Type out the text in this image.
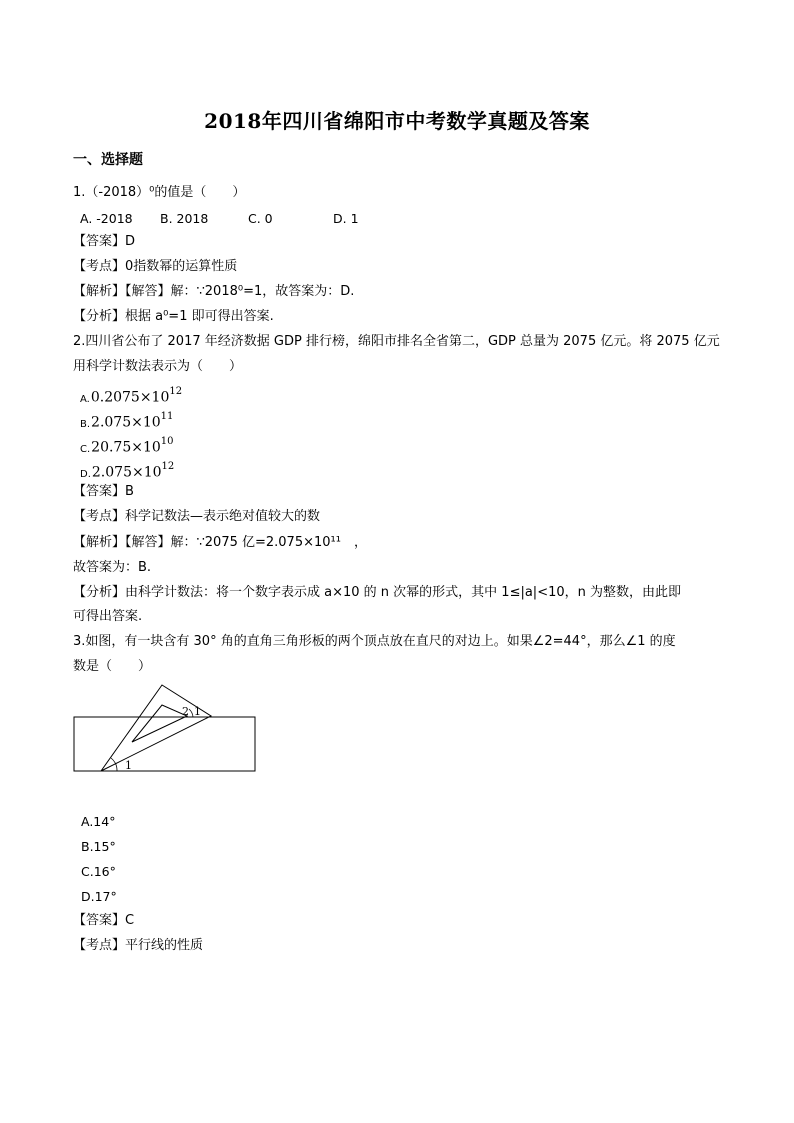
2018年四川省绵阳市中考数学真题及答案
一、选择题
1.（-2018）⁰的值是（　　）
A. -2018 B. 2018	C. 0	D. 1
【答案】D
【考点】0指数幂的运算性质
【解析】【解答】解：∵2018⁰=1，故答案为：D.
【分析】根据 a⁰=1 即可得出答案.
2.四川省公布了 2017 年经济数据 GDP 排行榜，绵阳市排名全省第二，GDP 总量为 2075 亿元。将 2075 亿元
用科学计数法表示为（　　）
$A.0.2075\times 10^{12}$
$B.2.075\times 10^{11}$
$C.20.75\times 10^{10}$
$D.2.075\times 10^{12}$
【答案】B
【考点】科学记数法—表示绝对值较大的数
【解析】【解答】解：∵2075 亿=2.075×10¹¹　，
故答案为：B.
【分析】由科学计数法：将一个数字表示成 a×10 的 n 次幂的形式，其中 1≤|a|<10，n 为整数，由此即
可得出答案.
3.如图，有一块含有 30° 角的直角三角形板的两个顶点放在直尺的对边上。如果∠2=44°，那么∠1 的度
数是（　　）
1
2 1
A.14°
B.15°
C.16°
D.17°
【答案】C
【考点】平行线的性质
